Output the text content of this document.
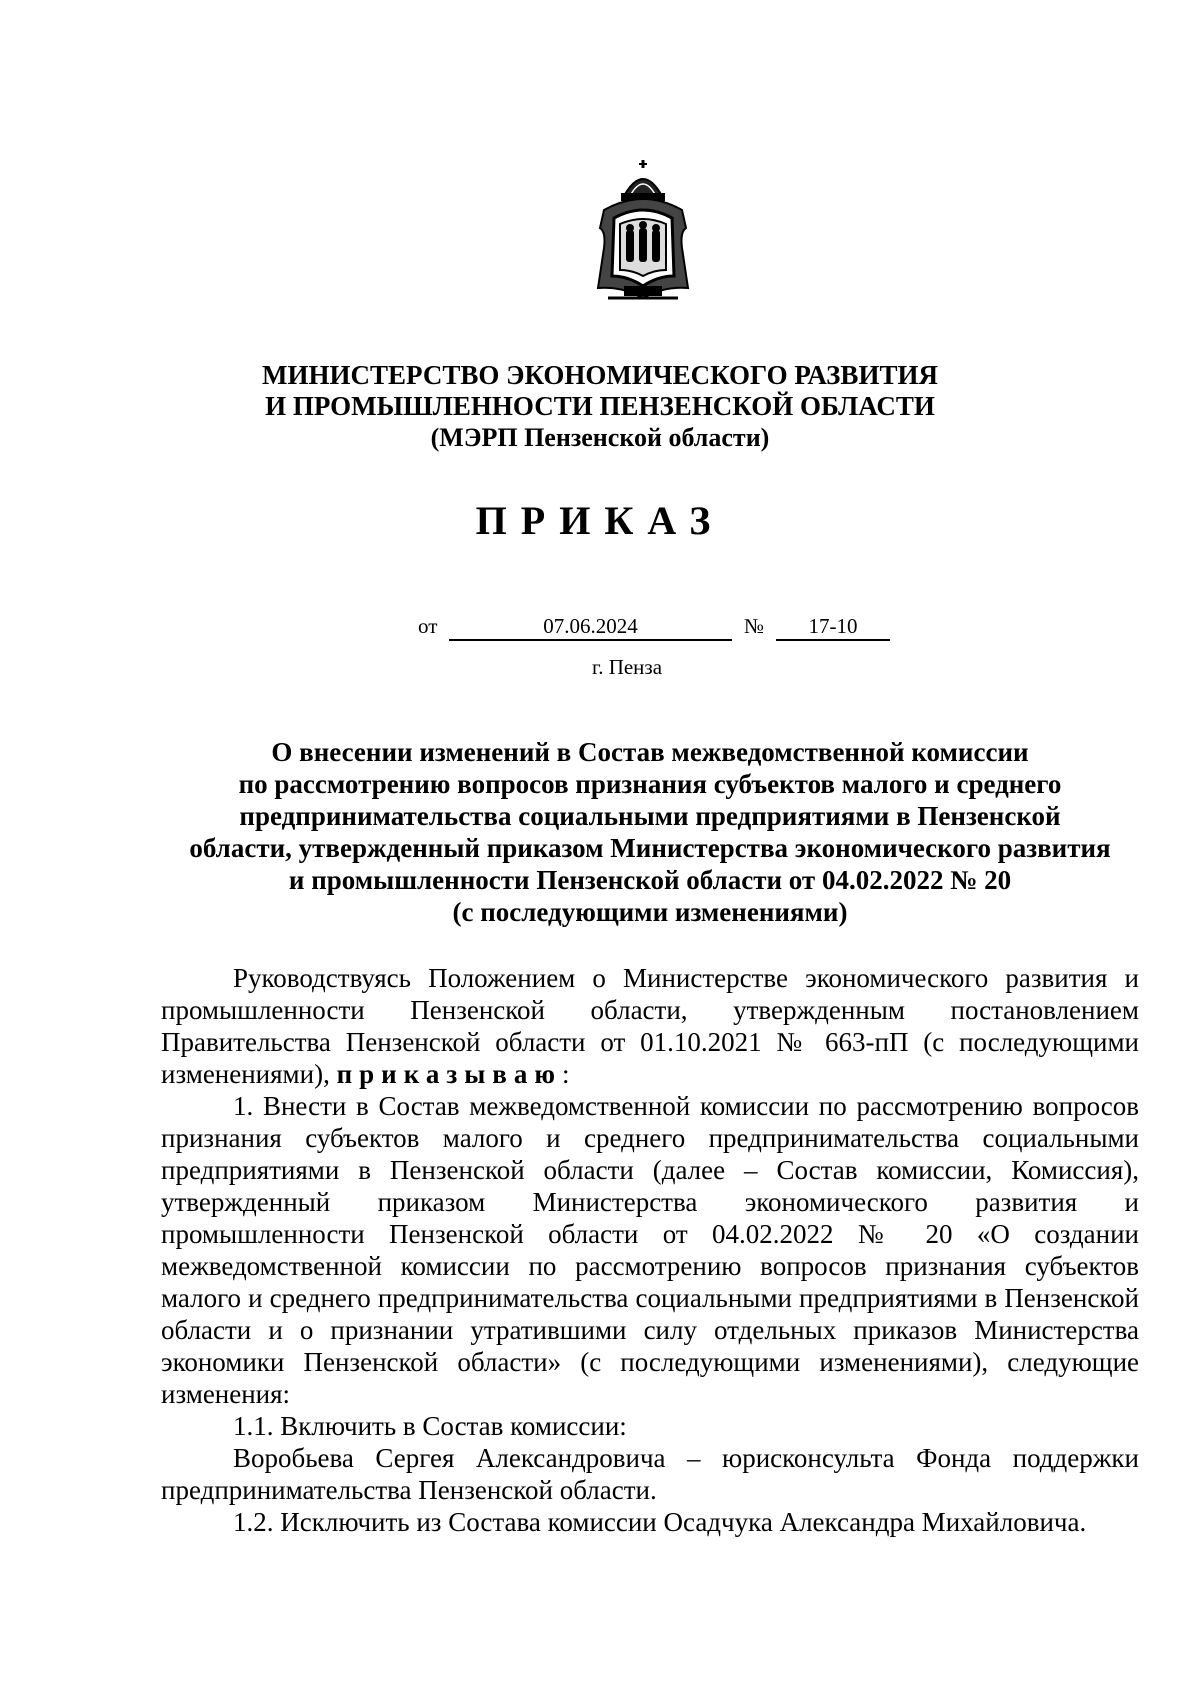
МИНИСТЕРСТВО ЭКОНОМИЧЕСКОГО РАЗВИТИЯ
И ПРОМЫШЛЕННОСТИ ПЕНЗЕНСКОЙ ОБЛАСТИ
(МЭРП Пензенской области)
ПРИКАЗ
от	07.06.2024	№	17-10
г. Пенза
О внесении изменений в Состав межведомственной комиссии
по рассмотрению вопросов признания субъектов малого и среднего
предпринимательства социальными предприятиями в Пензенской
области, утвержденный приказом Министерства экономического развития
и промышленности Пензенской области от 04.02.2022 № 20
(с последующими изменениями)

Руководствуясь Положением о Министерстве экономического развития и промышленности Пензенской области, утвержденным постановлением Правительства Пензенской области от 01.10.2021 № 663-пП (с последующими изменениями), приказываю:

1. Внести в Состав межведомственной комиссии по рассмотрению вопросов признания субъектов малого и среднего предпринимательства социальными предприятиями в Пензенской области (далее – Состав комиссии, Комиссия), утвержденный приказом Министерства экономического развития и промышленности Пензенской области от 04.02.2022 № 20 «О создании межведомственной комиссии по рассмотрению вопросов признания субъектов малого и среднего предпринимательства социальными предприятиями в Пензенской области и о признании утратившими силу отдельных приказов Министерства экономики Пензенской области» (с последующими изменениями), следующие изменения:

1.1. Включить в Состав комиссии:

Воробьева Сергея Александровича – юрисконсульта Фонда поддержки предпринимательства Пензенской области.

1.2. Исключить из Состава комиссии Осадчука Александра Михайловича.
